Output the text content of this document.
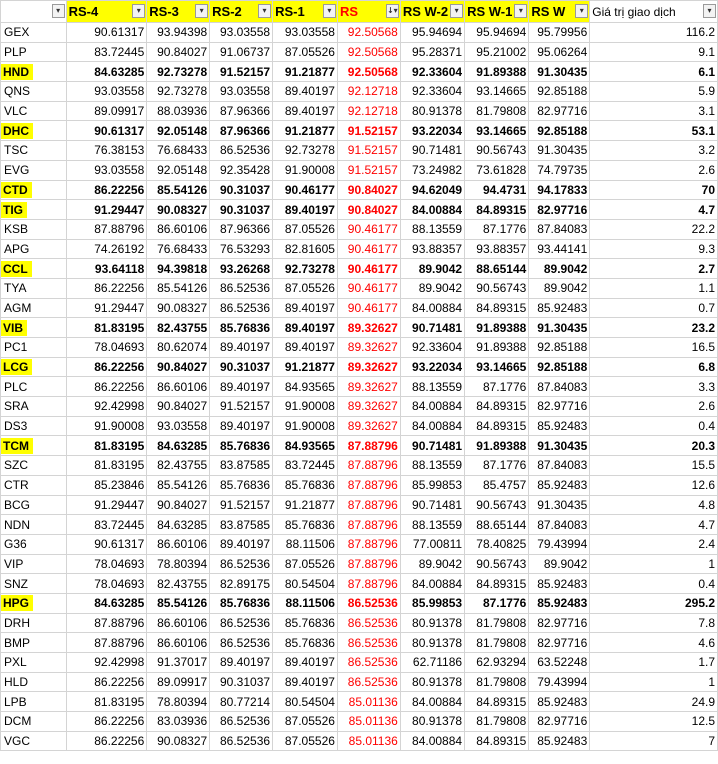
▾	RS-4 ▾	RS-3 ▾	RS-2 ▾	RS-1 ▾	RS ↓▾	RS W-2 ▾	RS W-1 ▾	RS W ▾	Giá trị giao dịch ▾

GEX	90.61317	93.94398	93.03558	93.03558	92.50568	95.94694	95.94694	95.79956	116.2
PLP	83.72445	90.84027	91.06737	87.05526	92.50568	95.28371	95.21002	95.06264	9.1
HND	84.63285	92.73278	91.52157	91.21877	92.50568	92.33604	91.89388	91.30435	6.1
QNS	93.03558	92.73278	93.03558	89.40197	92.12718	92.33604	93.14665	92.85188	5.9
VLC	89.09917	88.03936	87.96366	89.40197	92.12718	80.91378	81.79808	82.97716	3.1
DHC	90.61317	92.05148	87.96366	91.21877	91.52157	93.22034	93.14665	92.85188	53.1
TSC	76.38153	76.68433	86.52536	92.73278	91.52157	90.71481	90.56743	91.30435	3.2
EVG	93.03558	92.05148	92.35428	91.90008	91.52157	73.24982	73.61828	74.79735	2.6
CTD	86.22256	85.54126	90.31037	90.46177	90.84027	94.62049	94.4731	94.17833	70
TIG	91.29447	90.08327	90.31037	89.40197	90.84027	84.00884	84.89315	82.97716	4.7
KSB	87.88796	86.60106	87.96366	87.05526	90.46177	88.13559	87.1776	87.84083	22.2
APG	74.26192	76.68433	76.53293	82.81605	90.46177	93.88357	93.88357	93.44141	9.3
CCL	93.64118	94.39818	93.26268	92.73278	90.46177	89.9042	88.65144	89.9042	2.7
TYA	86.22256	85.54126	86.52536	87.05526	90.46177	89.9042	90.56743	89.9042	1.1
AGM	91.29447	90.08327	86.52536	89.40197	90.46177	84.00884	84.89315	85.92483	0.7
VIB	81.83195	82.43755	85.76836	89.40197	89.32627	90.71481	91.89388	91.30435	23.2
PC1	78.04693	80.62074	89.40197	89.40197	89.32627	92.33604	91.89388	92.85188	16.5
LCG	86.22256	90.84027	90.31037	91.21877	89.32627	93.22034	93.14665	92.85188	6.8
PLC	86.22256	86.60106	89.40197	84.93565	89.32627	88.13559	87.1776	87.84083	3.3
SRA	92.42998	90.84027	91.52157	91.90008	89.32627	84.00884	84.89315	82.97716	2.6
DS3	91.90008	93.03558	89.40197	91.90008	89.32627	84.00884	84.89315	85.92483	0.4
TCM	81.83195	84.63285	85.76836	84.93565	87.88796	90.71481	91.89388	91.30435	20.3
SZC	81.83195	82.43755	83.87585	83.72445	87.88796	88.13559	87.1776	87.84083	15.5
CTR	85.23846	85.54126	85.76836	85.76836	87.88796	85.99853	85.4757	85.92483	12.6
BCG	91.29447	90.84027	91.52157	91.21877	87.88796	90.71481	90.56743	91.30435	4.8
NDN	83.72445	84.63285	83.87585	85.76836	87.88796	88.13559	88.65144	87.84083	4.7
G36	90.61317	86.60106	89.40197	88.11506	87.88796	77.00811	78.40825	79.43994	2.4
VIP	78.04693	78.80394	86.52536	87.05526	87.88796	89.9042	90.56743	89.9042	1
SNZ	78.04693	82.43755	82.89175	80.54504	87.88796	84.00884	84.89315	85.92483	0.4
HPG	84.63285	85.54126	85.76836	88.11506	86.52536	85.99853	87.1776	85.92483	295.2
DRH	87.88796	86.60106	86.52536	85.76836	86.52536	80.91378	81.79808	82.97716	7.8
BMP	87.88796	86.60106	86.52536	85.76836	86.52536	80.91378	81.79808	82.97716	4.6
PXL	92.42998	91.37017	89.40197	89.40197	86.52536	62.71186	62.93294	63.52248	1.7
HLD	86.22256	89.09917	90.31037	89.40197	86.52536	80.91378	81.79808	79.43994	1
LPB	81.83195	78.80394	80.77214	80.54504	85.01136	84.00884	84.89315	85.92483	24.9
DCM	86.22256	83.03936	86.52536	87.05526	85.01136	80.91378	81.79808	82.97716	12.5
VGC	86.22256	90.08327	86.52536	87.05526	85.01136	84.00884	84.89315	85.92483	7
